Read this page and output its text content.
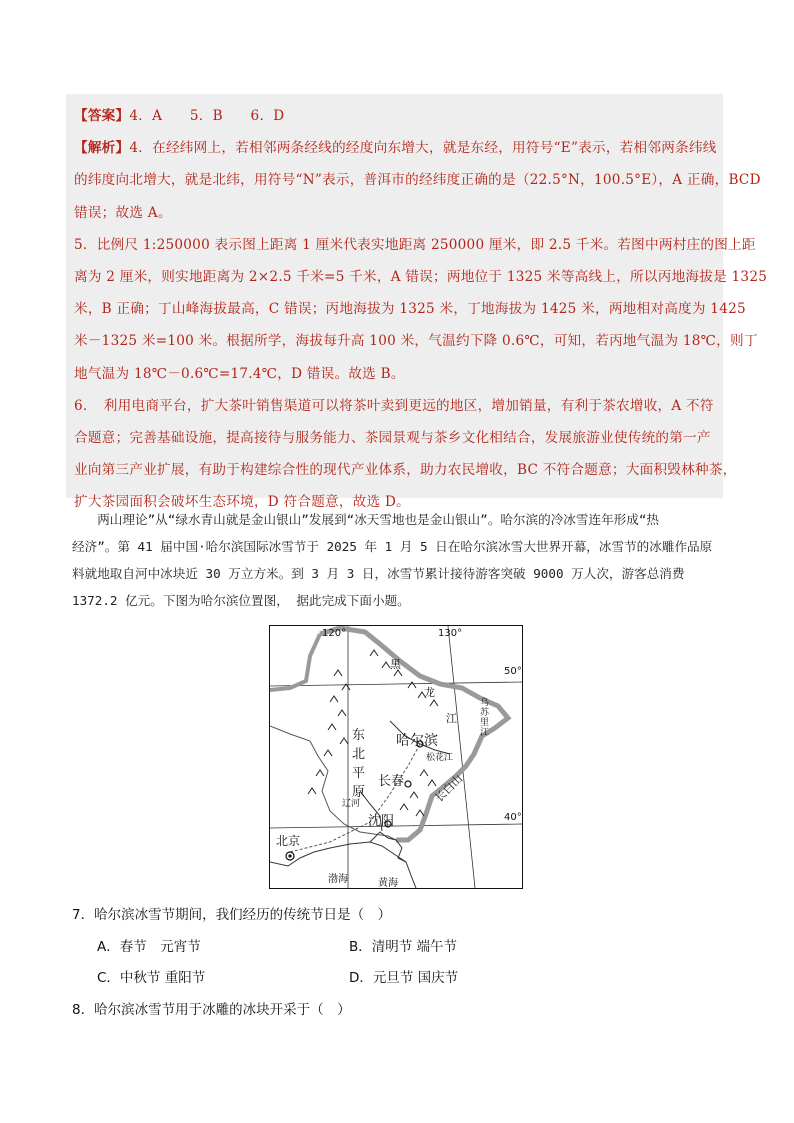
【答案】4．A　　5．B　　6．D
【解析】4．在经纬网上，若相邻两条经线的经度向东增大，就是东经，用符号“E”表示，若相邻两条纬线
的纬度向北增大，就是北纬，用符号“N”表示，普洱市的经纬度正确的是（22.5°N，100.5°E），A 正确，BCD
错误；故选 A。
5．比例尺 1:250000 表示图上距离 1 厘米代表实地距离 250000 厘米，即 2.5 千米。若图中两村庄的图上距
离为 2 厘米，则实地距离为 2×2.5 千米=5 千米，A 错误；两地位于 1325 米等高线上，所以丙地海拔是 1325
米，B 正确；丁山峰海拔最高，C 错误；丙地海拔为 1325 米，丁地海拔为 1425 米，两地相对高度为 1425
米－1325 米=100 米。根据所学，海拔每升高 100 米，气温约下降 0.6℃，可知，若丙地气温为 18℃，则丁
地气温为 18℃－0.6℃=17.4℃，D 错误。故选 B。
6．　利用电商平台，扩大茶叶销售渠道可以将茶叶卖到更远的地区，增加销量，有利于茶农增收，A 不符
合题意；完善基础设施，提高接待与服务能力、茶园景观与茶乡文化相结合，发展旅游业使传统的第一产
业向第三产业扩展，有助于构建综合性的现代产业体系，助力农民增收，BC 不符合题意；大面积毁林种茶，
扩大茶园面积会破坏生态环境，D 符合题意，故选 D。
　　两山理论”从“绿水青山就是金山银山”发展到“冰天雪地也是金山银山”。哈尔滨的冷冰雪连年形成“热
经济”。第 41 届中国·哈尔滨国际冰雪节于 2025 年 1 月 5 日在哈尔滨冰雪大世界开幕，冰雪节的冰雕作品原
料就地取自河中冰块近 30 万立方米。到 3 月 3 日，冰雪节累计接待游客突破 9000 万人次，游客总消费
1372.2 亿元。下图为哈尔滨位置图， 据此完成下面小题。
120°	130°
50°
40°
黑
龙
江
乌苏里江
东北平原
松花江
辽河	长白山
渤海	黄海
哈尔滨
长春
沈阳
北京
7．哈尔滨冰雪节期间，我们经历的传统节日是（　）
A．春节　元宵节	B．清明节 端午节
C．中秋节 重阳节	D．元旦节 国庆节
8．哈尔滨冰雪节用于冰雕的冰块开采于（　）
